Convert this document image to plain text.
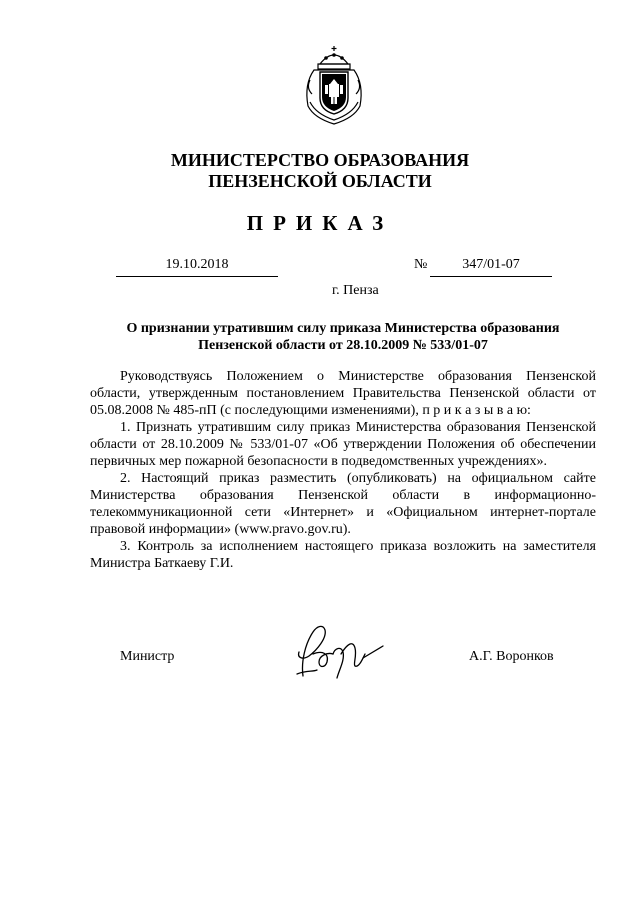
МИНИСТЕРСТВО ОБРАЗОВАНИЯ
ПЕНЗЕНСКОЙ ОБЛАСТИ
ПРИКАЗ
19.10.2018	№	347/01-07
г. Пенза
О признании утратившим силу приказа Министерства образования
Пензенской области от 28.10.2009 № 533/01-07

Руководствуясь Положением о Министерстве образования Пензенской области, утвержденным постановлением Правительства Пензенской области от 05.08.2008 № 485-пП (с последующими изменениями), п р и к а з ы в а ю:

1. Признать утратившим силу приказ Министерства образования Пензенской области от 28.10.2009 № 533/01-07 «Об утверждении Положения об обеспечении первичных мер пожарной безопасности в подведомственных учреждениях».

2. Настоящий приказ разместить (опубликовать) на официальном сайте Министерства образования Пензенской области в информационно-телекоммуникационной сети «Интернет» и «Официальном интернет-портале правовой информации» (www.pravo.gov.ru).

3. Контроль за исполнением настоящего приказа возложить на заместителя Министра Баткаеву Г.И.

Министр	А.Г. Воронков
